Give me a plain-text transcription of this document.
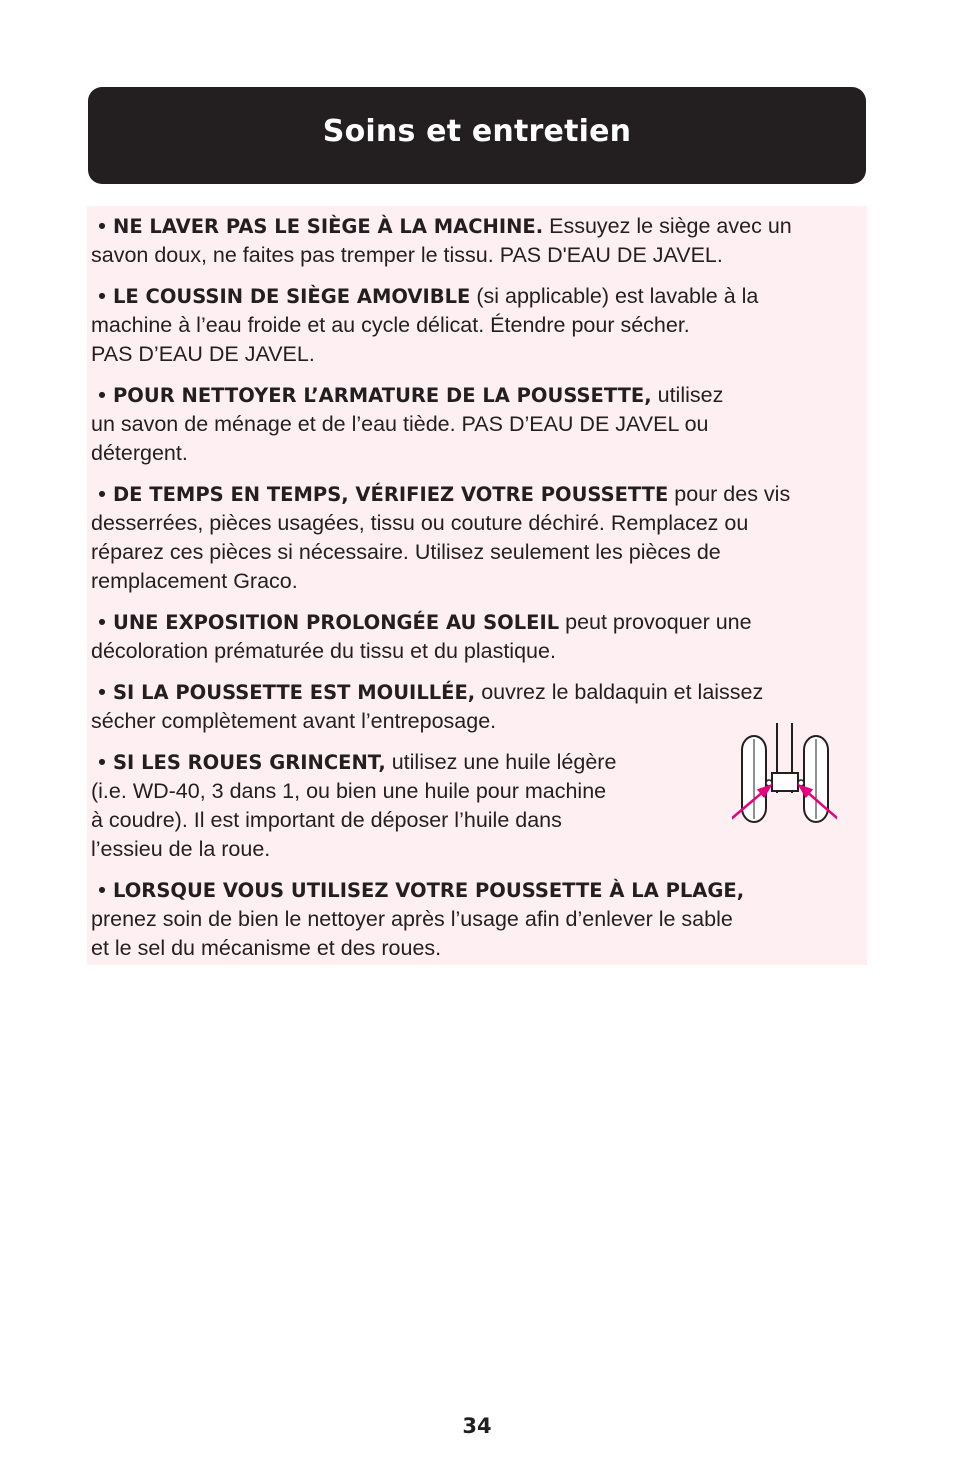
Soins et entretien
• NE LAVER PAS LE SIÈGE À LA MACHINE. Essuyez le siège avec un
savon doux, ne faites pas tremper le tissu. PAS D'EAU DE JAVEL.
• LE COUSSIN DE SIÈGE AMOVIBLE (si applicable) est lavable à la
machine à l’eau froide et au cycle délicat. Étendre pour sécher.
PAS D’EAU DE JAVEL.
• POUR NETTOYER L’ARMATURE DE LA POUSSETTE, utilisez
un savon de ménage et de l’eau tiède. PAS D’EAU DE JAVEL ou
détergent.
• DE TEMPS EN TEMPS, VÉRIFIEZ VOTRE POUSSETTE pour des vis
desserrées, pièces usagées, tissu ou couture déchiré. Remplacez ou
réparez ces pièces si nécessaire. Utilisez seulement les pièces de
remplacement Graco.
• UNE EXPOSITION PROLONGÉE AU SOLEIL peut provoquer une
décoloration prématurée du tissu et du plastique.
• SI LA POUSSETTE EST MOUILLÉE, ouvrez le baldaquin et laissez
sécher complètement avant l’entreposage.
• SI LES ROUES GRINCENT, utilisez une huile légère
(i.e. WD-40, 3 dans 1, ou bien une huile pour machine
à coudre). Il est important de déposer l’huile dans
l’essieu de la roue.
• LORSQUE VOUS UTILISEZ VOTRE POUSSETTE À LA PLAGE,
prenez soin de bien le nettoyer après l’usage afin d’enlever le sable
et le sel du mécanisme et des roues.
34
